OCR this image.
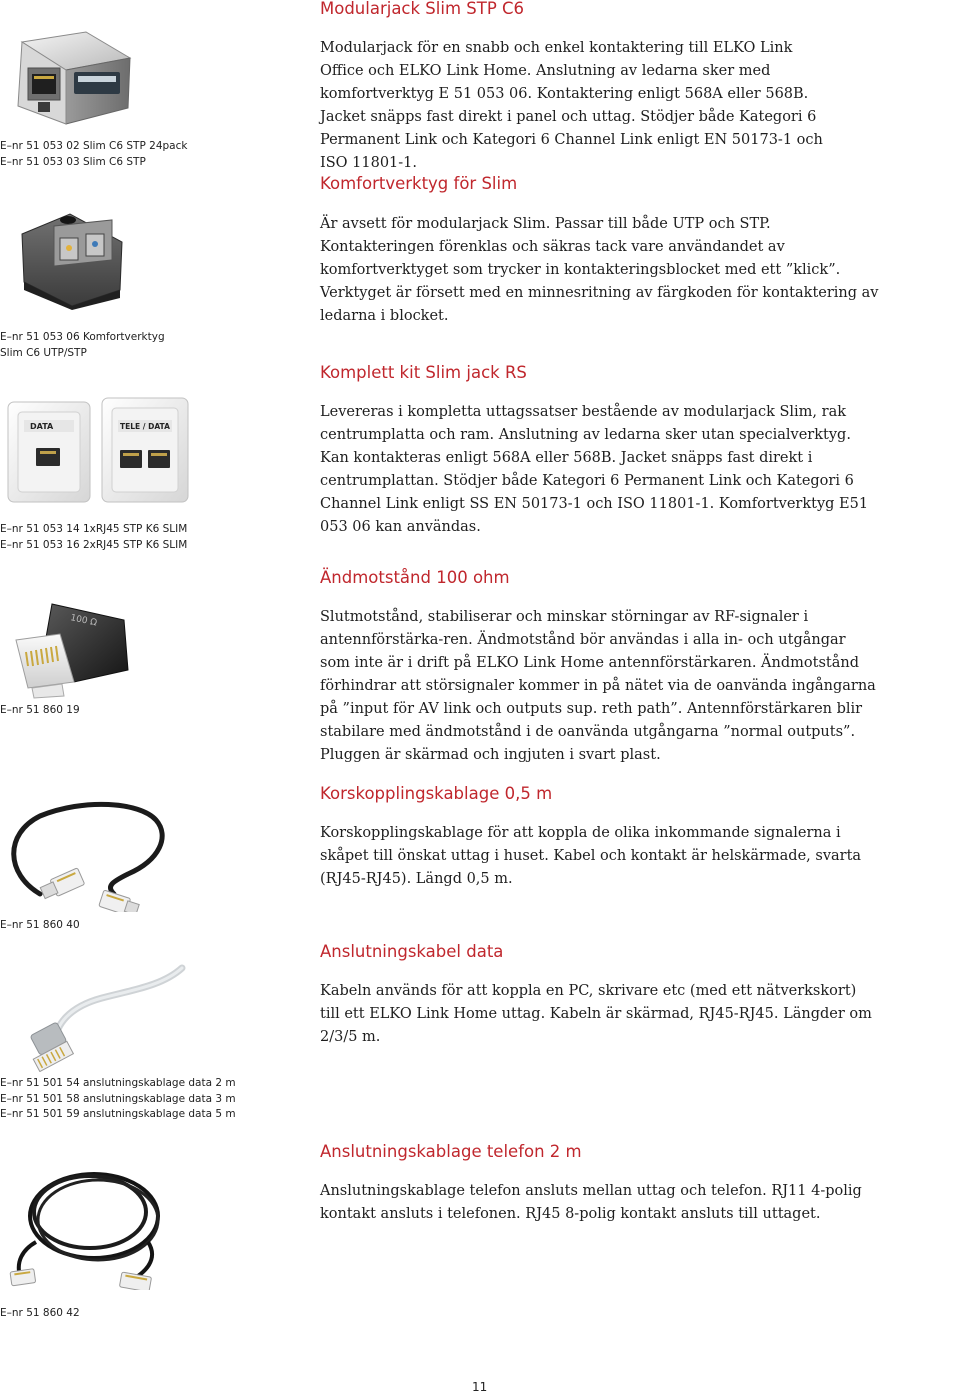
Modularjack Slim STP C6

Modularjack för en snabb och enkel kontaktering till ELKO Link Office och ELKO Link Home. Anslutning av ledarna sker med komfortverktyg E 51 053 06. Kontaktering enligt 568A eller 568B. Jacket snäpps fast direkt i panel och uttag. Stödjer både Kategori 6 Permanent Link och Kategori 6 Channel Link enligt EN 50173-1 och ISO 11801-1.

Komfortverktyg för Slim

Är avsett för modularjack Slim. Passar till både UTP och STP. Kontakteringen förenklas och säkras tack vare användandet av komfortverktyget som trycker in kontakteringsblocket med ett ”klick”. Verktyget är försett med en minnesritning av färgkoden för kontaktering av ledarna i blocket.

Komplett kit Slim jack RS

Levereras i kompletta uttagssatser bestående av modularjack Slim, rak centrumplatta och ram. Anslutning av ledarna sker utan specialverktyg. Kan kontakteras enligt 568A eller 568B. Jacket snäpps fast direkt i centrumplattan. Stödjer både Kategori 6 Permanent Link och Kategori 6 Channel Link enligt SS EN 50173-1 och ISO 11801-1. Komfortverktyg E51 053 06 kan användas.

Ändmotstånd 100 ohm

Slutmotstånd, stabiliserar och minskar störningar av RF-signaler i antennförstärka-ren. Ändmotstånd bör användas i alla in- och utgångar som inte är i drift på ELKO Link Home antennförstärkaren. Ändmotstånd förhindrar att störsignaler kommer in på nätet via de oanvända ingångarna på ”input för AV link och outputs sup. reth path”. Antennförstärkaren blir stabilare med ändmotstånd i de oanvända utgångarna ”normal outputs”. Pluggen är skärmad och ingjuten i svart plast.

Korskopplingskablage 0,5 m

Korskopplingskablage för att koppla de olika inkommande signalerna i skåpet till önskat uttag i huset. Kabel och kontakt är helskärmade, svarta (RJ45-RJ45). Längd 0,5 m.

Anslutningskabel data

Kabeln används för att koppla en PC, skrivare etc (med ett nätverkskort) till ett ELKO Link Home uttag. Kabeln är skärmad, RJ45-RJ45. Längder om 2/3/5 m.

Anslutningskablage telefon 2 m

Anslutningskablage telefon ansluts mellan uttag och telefon. RJ11 4-polig kontakt ansluts i telefonen. RJ45 8-polig kontakt ansluts till uttaget.

E–nr 51 053 02 Slim C6 STP 24pack
E–nr 51 053 03 Slim C6 STP
E–nr 51 053 06 Komfortverktyg
Slim C6 UTP/STP
DATA	TELE / DATA
E–nr 51 053 14 1xRJ45 STP K6 SLIM
E–nr 51 053 16 2xRJ45 STP K6 SLIM
100 Ω
E–nr 51 860 19
E–nr 51 860 40
E–nr 51 501 54 anslutningskablage data 2 m
E–nr 51 501 58 anslutningskablage data 3 m
E–nr 51 501 59 anslutningskablage data 5 m
E–nr 51 860 42
11
